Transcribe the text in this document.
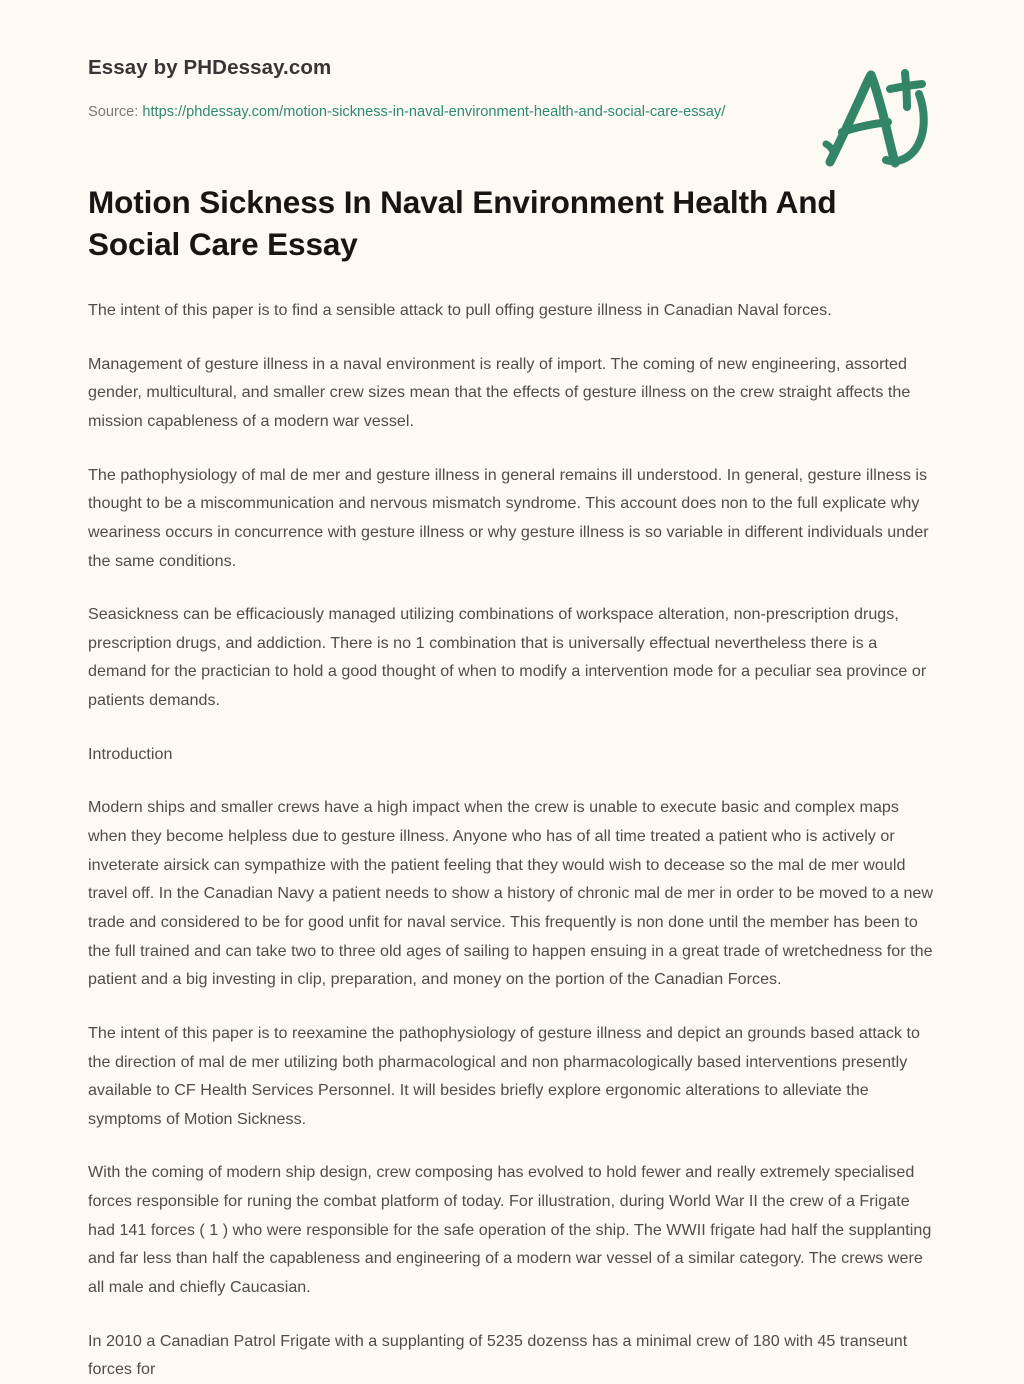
Essay by PHDessay.com
Source: https://phdessay.com/motion-sickness-in-naval-environment-health-and-social-care-essay/
Motion Sickness In Naval Environment Health And Social Care Essay

The intent of this paper is to find a sensible attack to pull offing gesture illness in Canadian Naval forces.

Management of gesture illness in a naval environment is really of import. The coming of new engineering, assorted gender, multicultural, and smaller crew sizes mean that the effects of gesture illness on the crew straight affects the mission capableness of a modern war vessel.

The pathophysiology of mal de mer and gesture illness in general remains ill understood. In general, gesture illness is thought to be a miscommunication and nervous mismatch syndrome. This account does non to the full explicate why weariness occurs in concurrence with gesture illness or why gesture illness is so variable in different individuals under the same conditions.

Seasickness can be efficaciously managed utilizing combinations of workspace alteration, non-prescription drugs, prescription drugs, and addiction. There is no 1 combination that is universally effectual nevertheless there is a demand for the practician to hold a good thought of when to modify a intervention mode for a peculiar sea province or patients demands.

Introduction

Modern ships and smaller crews have a high impact when the crew is unable to execute basic and complex maps when they become helpless due to gesture illness. Anyone who has of all time treated a patient who is actively or inveterate airsick can sympathize with the patient feeling that they would wish to decease so the mal de mer would travel off. In the Canadian Navy a patient needs to show a history of chronic mal de mer in order to be moved to a new trade and considered to be for good unfit for naval service. This frequently is non done until the member has been to the full trained and can take two to three old ages of sailing to happen ensuing in a great trade of wretchedness for the patient and a big investing in clip, preparation, and money on the portion of the Canadian Forces.

The intent of this paper is to reexamine the pathophysiology of gesture illness and depict an grounds based attack to the direction of mal de mer utilizing both pharmacological and non pharmacologically based interventions presently available to CF Health Services Personnel. It will besides briefly explore ergonomic alterations to alleviate the symptoms of Motion Sickness.

With the coming of modern ship design, crew composing has evolved to hold fewer and really extremely specialised forces responsible for runing the combat platform of today. For illustration, during World War II the crew of a Frigate had 141 forces ( 1 ) who were responsible for the safe operation of the ship. The WWII frigate had half the supplanting and far less than half the capableness and engineering of a modern war vessel of a similar category. The crews were all male and chiefly Caucasian.

In 2010 a Canadian Patrol Frigate with a supplanting of 5235 dozenss has a minimal crew of 180 with 45 transeunt forces for
